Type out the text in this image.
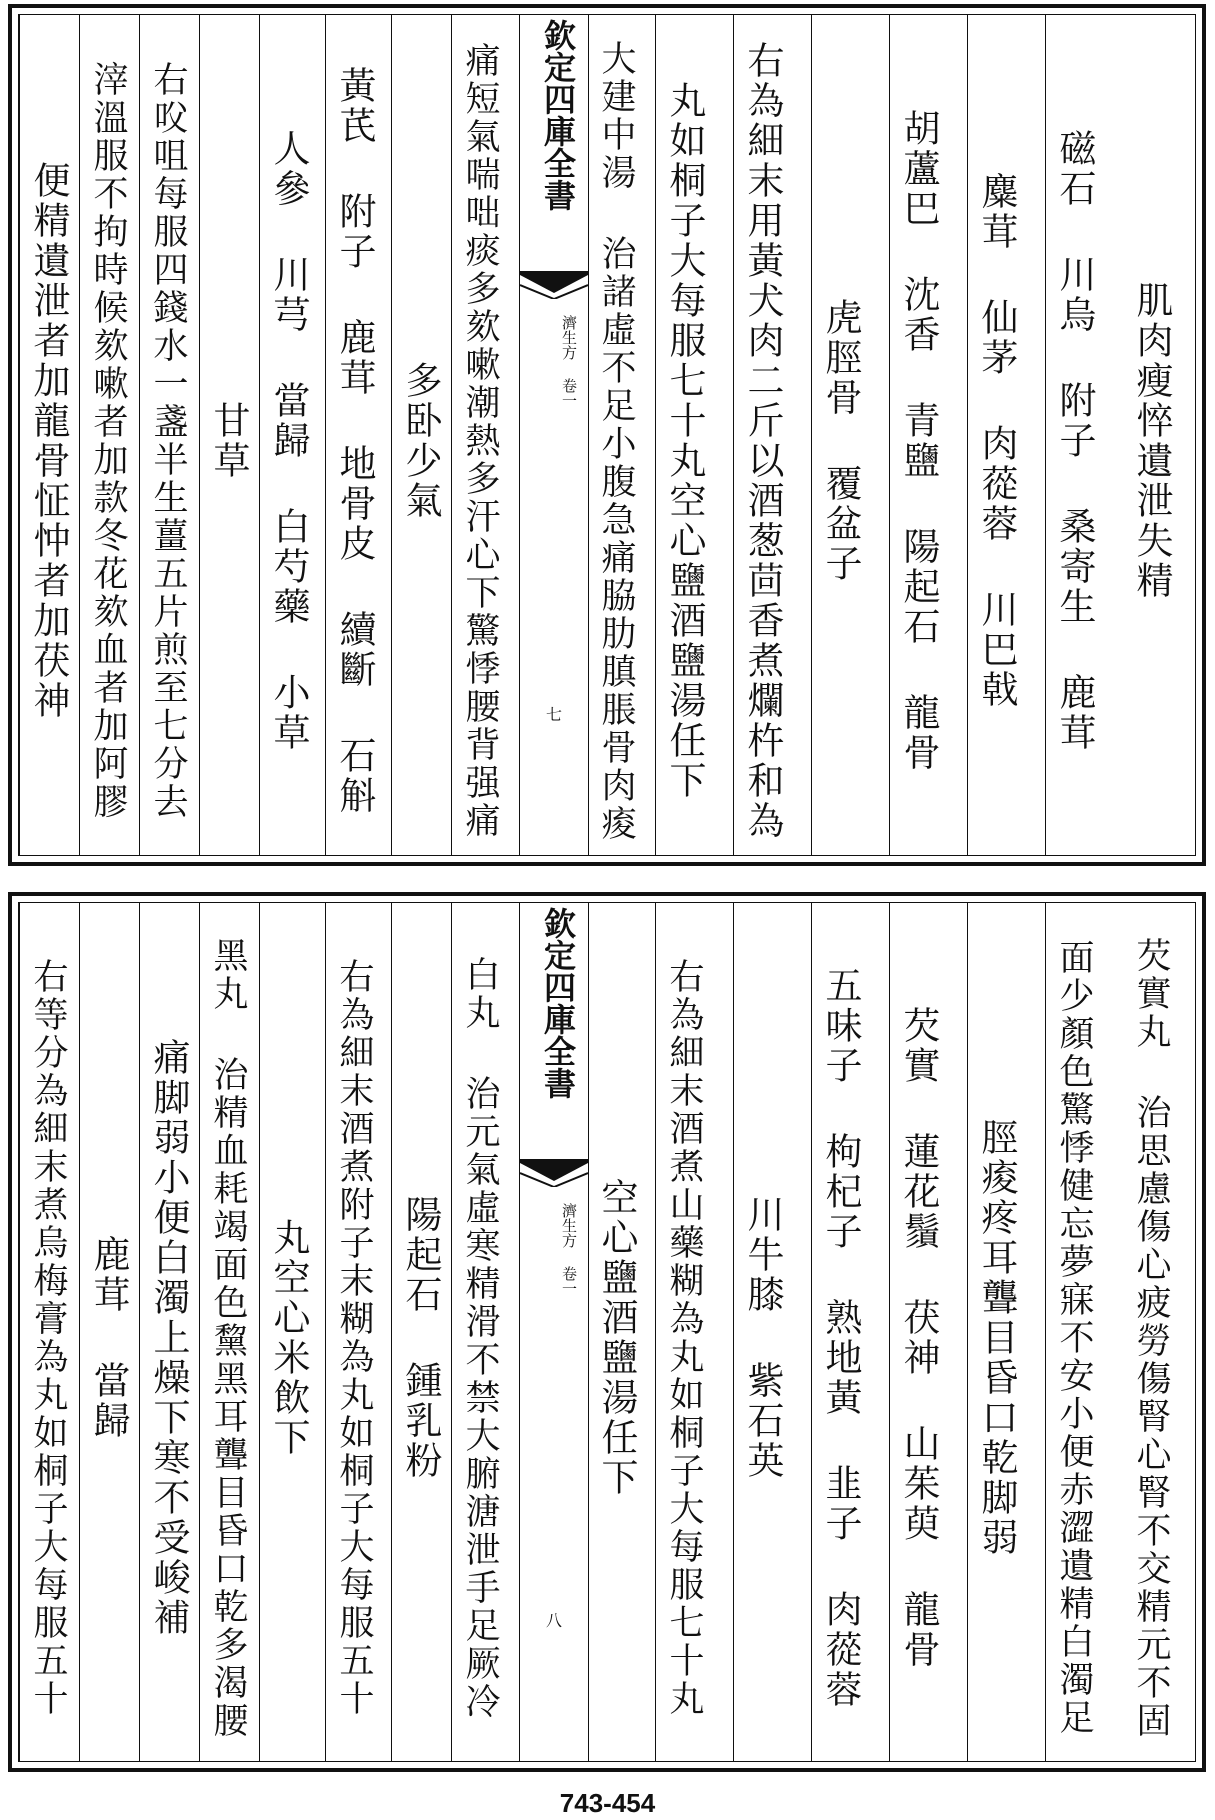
肌肉瘦悴遺泄失精
磁石 川烏 附子 桑寄生 鹿茸
麋茸 仙茅 肉蓯蓉 川巴戟
胡蘆巴 沈香 青鹽 陽起石 龍骨
虎脛骨 覆盆子
右為細末用黃犬肉二斤以酒葱茴香煮爛杵和為
丸如桐子大每服七十丸空心鹽酒鹽湯任下
大建中湯 治諸虛不足小腹急痛脇肋䐜脹骨肉痠
欽定四庫全書
濟生方 卷一
七
痛短氣喘咄痰多欬嗽潮熱多汗心下驚悸腰背强痛
多卧少氣
黃芪 附子 鹿茸 地骨皮 續斷 石斛
人參 川芎 當歸 白芍藥 小草
甘草
右㕮咀每服四錢水一盞半生薑五片煎至七分去
滓溫服不拘時候欬嗽者加款冬花欬血者加阿膠
便精遺泄者加龍骨怔忡者加茯神
芡實丸 治思慮傷心疲勞傷腎心腎不交精元不固
面少顏色驚悸健忘夢寐不安小便赤澀遺精白濁足
脛痠疼耳聾目昏口乾脚弱
芡實 蓮花鬚 茯神 山茱萸 龍骨
五味子 枸杞子 熟地黃 韭子 肉蓯蓉
川牛膝 紫石英
右為細末酒煮山藥糊為丸如桐子大每服七十丸
空心鹽酒鹽湯任下
欽定四庫全書
濟生方 卷一
八
白丸 治元氣虛寒精滑不禁大腑溏泄手足厥冷
陽起石 鍾乳粉
右為細末酒煮附子末糊為丸如桐子大每服五十
丸空心米飲下
黑丸 治精血耗竭面色黧黑耳聾目昏口乾多渴腰
痛脚弱小便白濁上燥下寒不受峻補
鹿茸 當歸
右等分為細末煮烏梅膏為丸如桐子大每服五十
743-454
